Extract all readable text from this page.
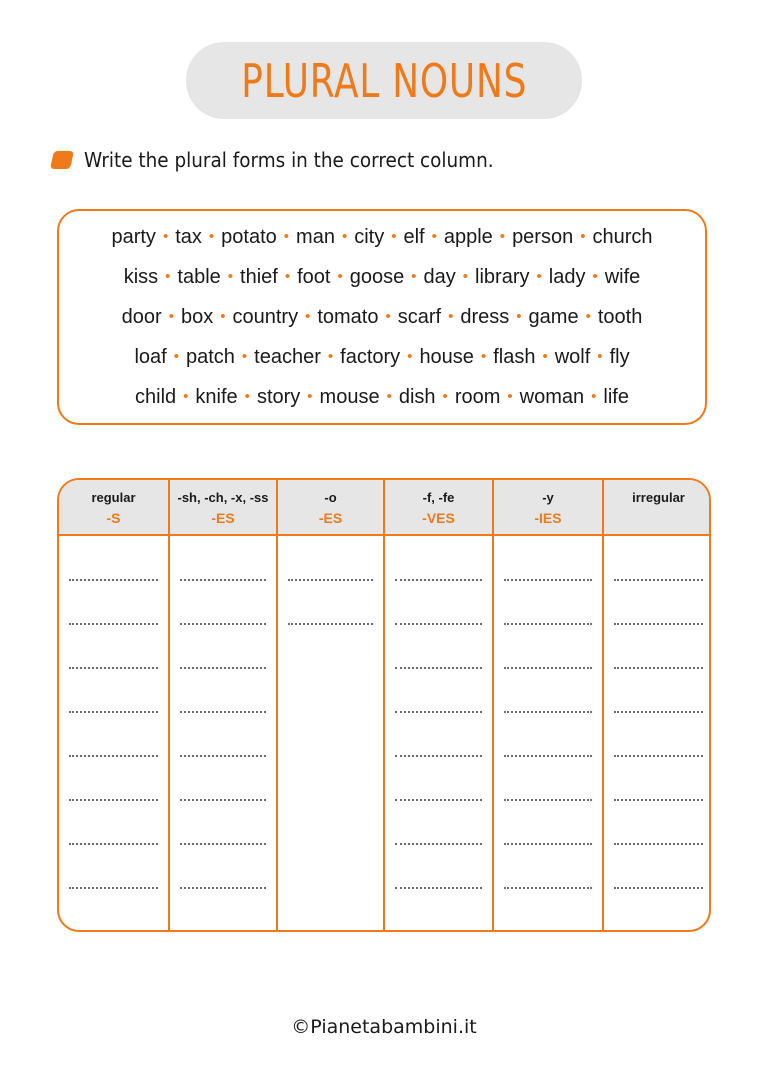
PLURAL NOUNS
Write the plural forms in the correct column.
party • tax • potato • man • city • elf • apple • person • church
kiss • table • thief • foot • goose • day • library • lady • wife
door • box • country • tomato • scarf • dress • game • tooth
loaf • patch • teacher • factory • house • flash • wolf • fly
child • knife • story • mouse • dish • room • woman • life
regular
-S
-sh, -ch, -x, -ss
-ES
-o
-ES
-f, -fe
-VES
-y
-IES
irregular
©Pianetabambini.it
